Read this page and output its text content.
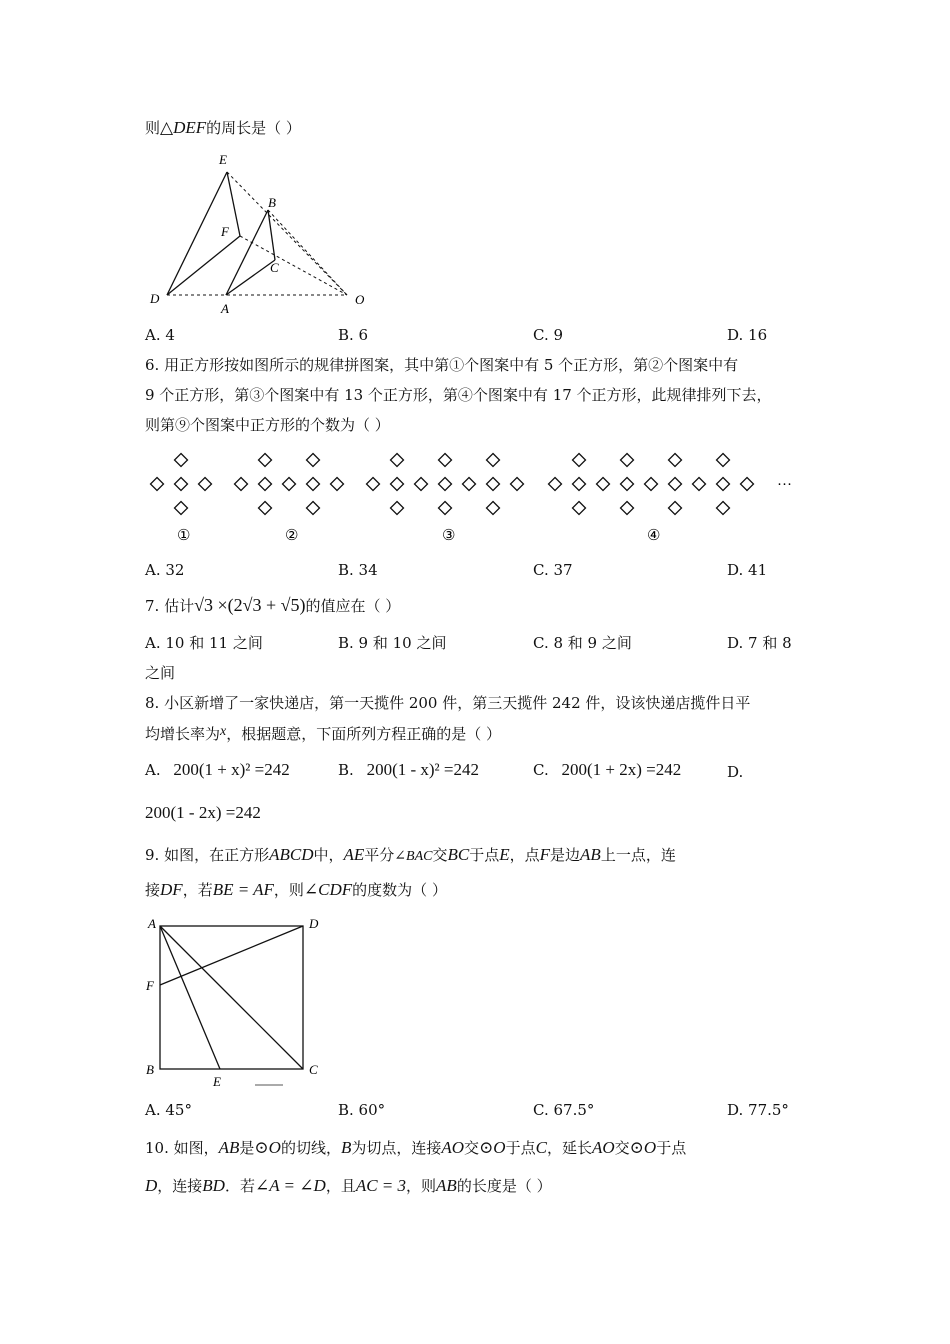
则△DEF的周长是（ ）
E
B
F
C
D
A
O
A. 4	B. 6	C. 9	D. 16
6. 用正方形按如图所示的规律拼图案，其中第①个图案中有 5 个正方形，第②个图案中有
9 个正方形，第③个图案中有 13 个正方形，第④个图案中有 17 个正方形，此规律排列下去，
则第⑨个图案中正方形的个数为（ ）
①	②	③	④
···
A. 32	B. 34	C. 37	D. 41
7. 估计√3 ×(2√3 + √5)的值应在（ ）
A. 10 和 11 之间	B. 9 和 10 之间	C. 8 和 9 之间	D. 7 和 8
之间
8. 小区新增了一家快递店，第一天揽件 200 件，第三天揽件 242 件，设该快递店揽件日平
均增长率为x，根据题意，下面所列方程正确的是（ ）
A. 200(1 + x)² =242	B. 200(1 - x)² =242	C. 200(1 + 2x) =242	D.
200(1 - 2x) =242
9. 如图，在正方形ABCD中，AE平分∠BAC交BC于点E，点F是边AB上一点，连
接DF，若BE = AF，则∠CDF的度数为（ ）
A	D
F
B
E
C
A. 45°	B. 60°	C. 67.5°	D. 77.5°
10. 如图，AB是⊙O的切线，B为切点，连接AO交⊙O于点C，延长AO交⊙O于点
D，连接BD．若∠A = ∠D，且AC = 3，则AB的长度是（ ）
